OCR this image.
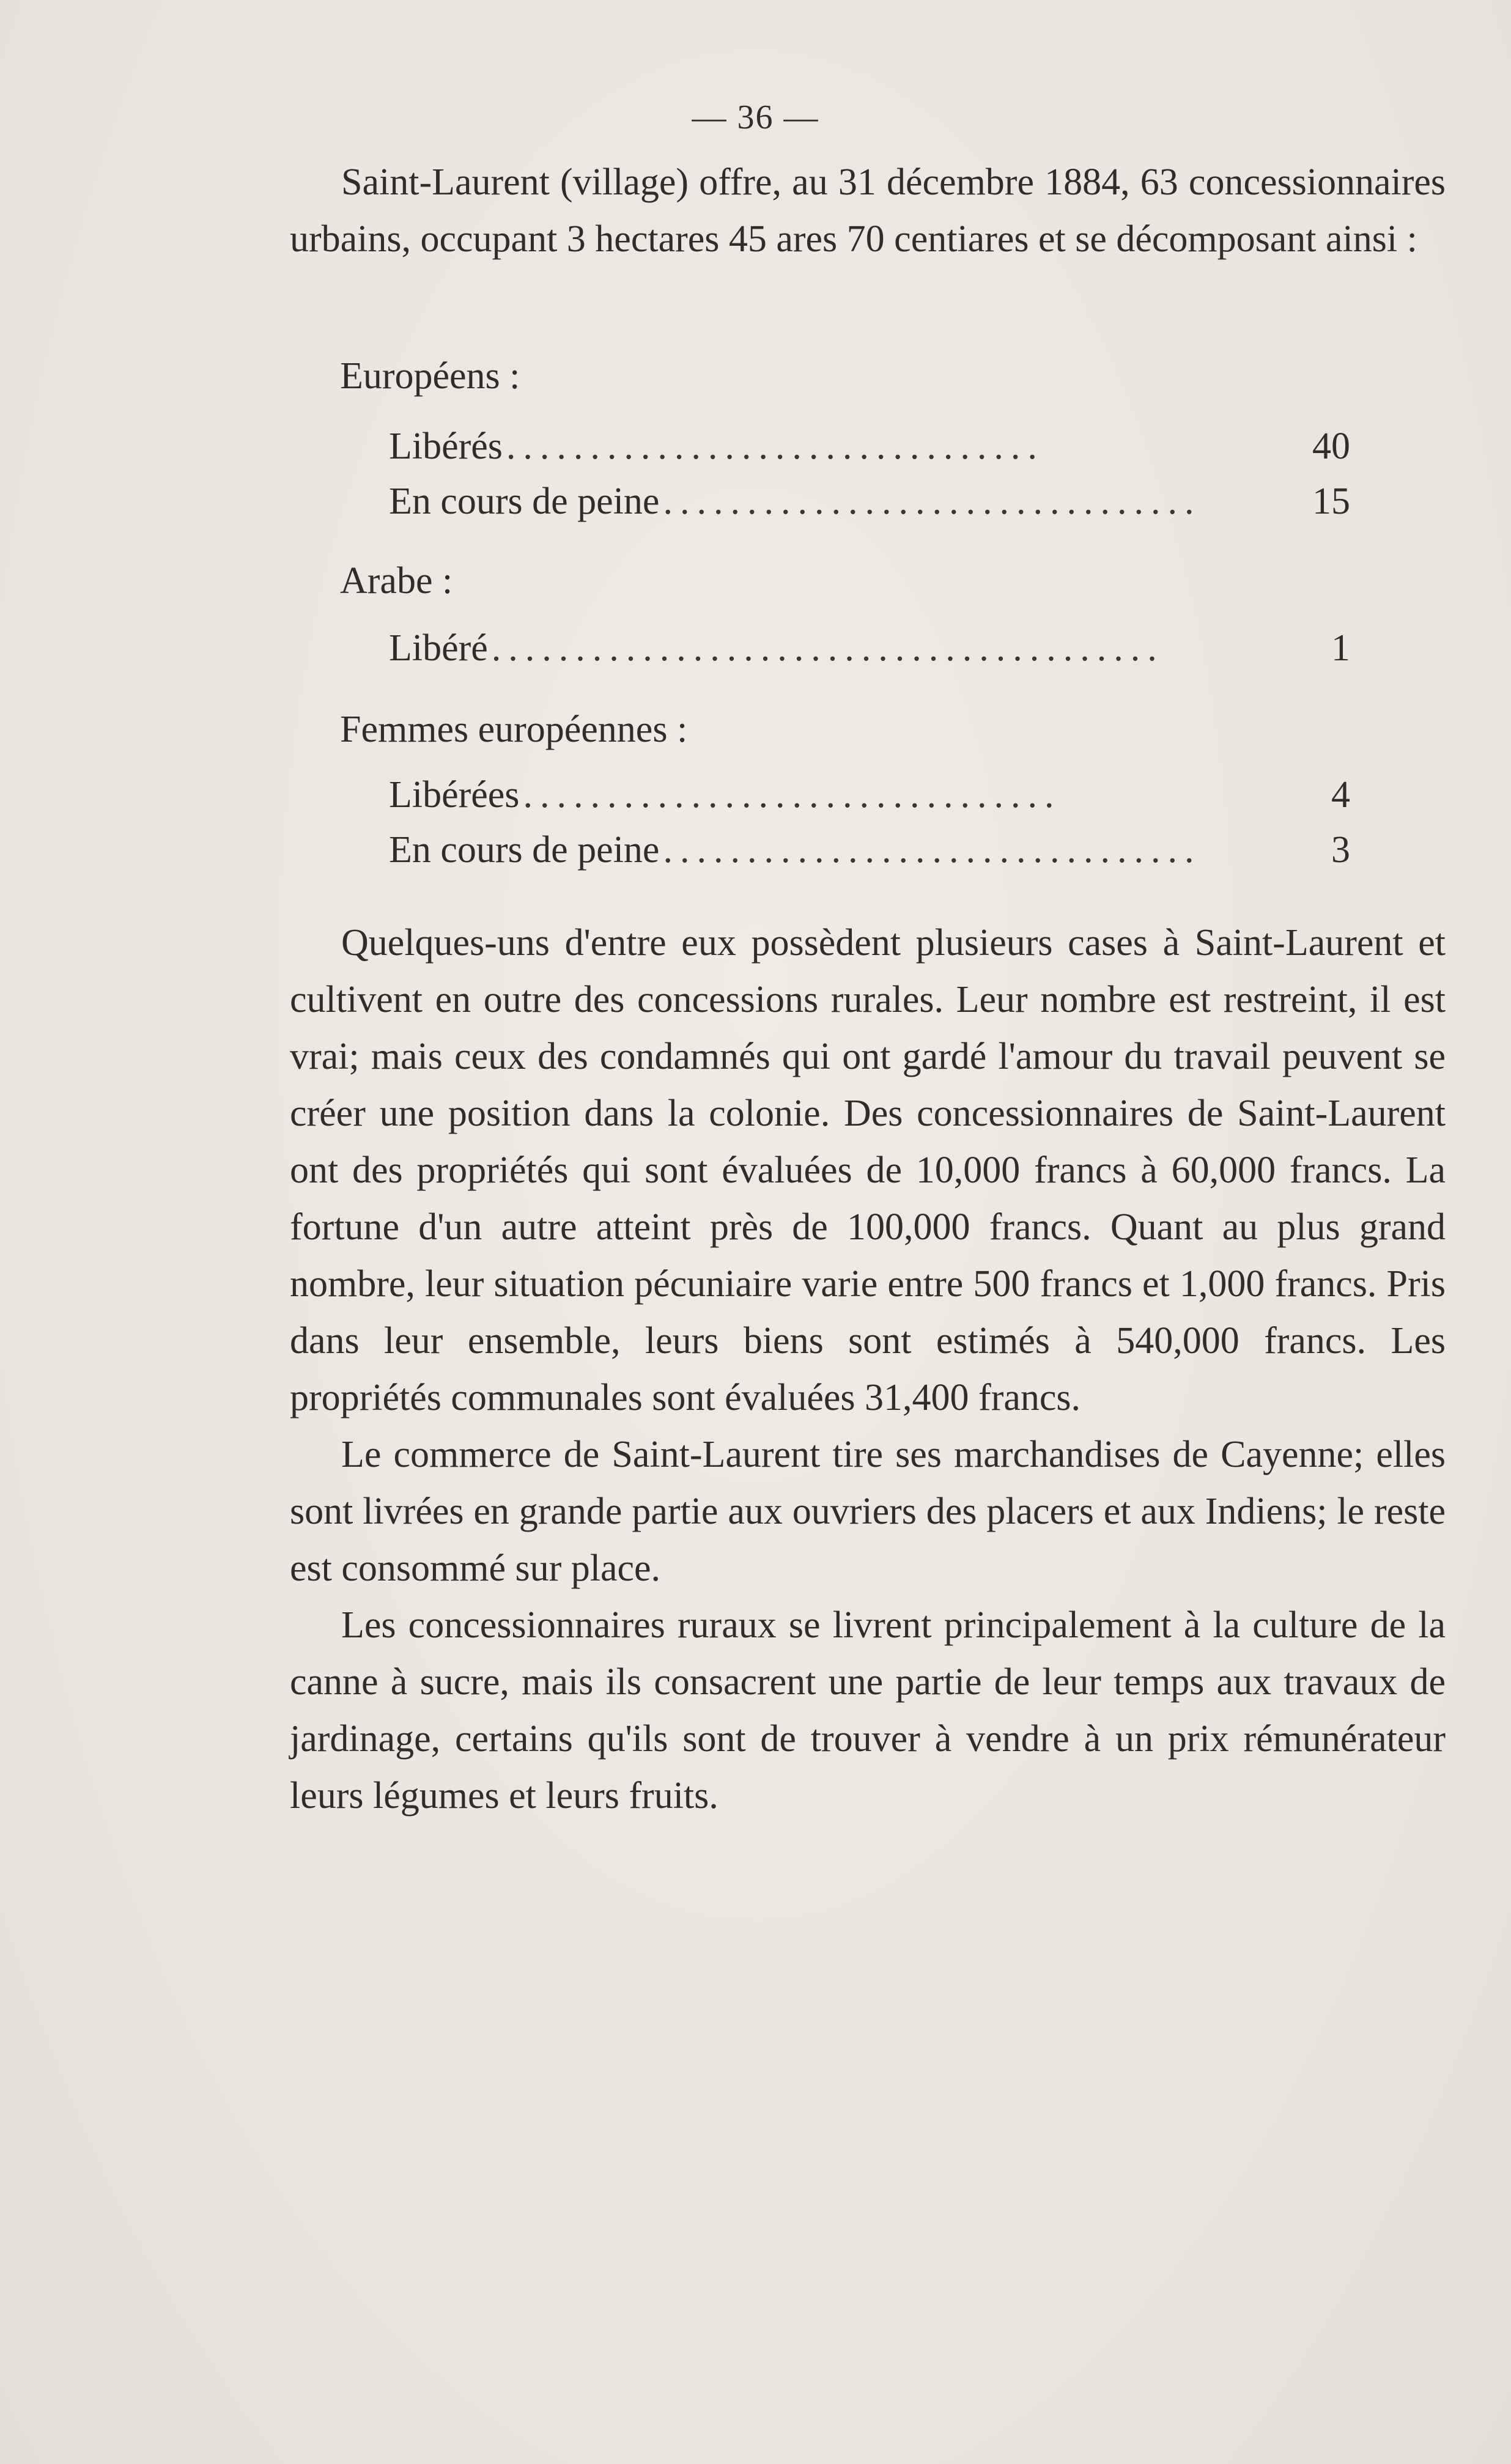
— 36 —

Saint-Laurent (village) offre, au 31 décembre 1884, 63 concessionnaires urbains, occupant 3 hectares 45 ares 70 centiares et se décomposant ainsi :

Européens :
Libérés ................................	40
En cours de peine ................................	15
Arabe :
Libéré ........................................	1
Femmes européennes :
Libérées ................................	4
En cours de peine ................................	3

Quelques-uns d'entre eux possèdent plusieurs cases à Saint-Laurent et cultivent en outre des concessions rurales. Leur nombre est restreint, il est vrai; mais ceux des condamnés qui ont gardé l'amour du travail peuvent se créer une position dans la colonie. Des concessionnaires de Saint-Laurent ont des propriétés qui sont évaluées de 10,000 francs à 60,000 francs. La fortune d'un autre atteint près de 100,000 francs. Quant au plus grand nombre, leur situation pécuniaire varie entre 500 francs et 1,000 francs. Pris dans leur ensemble, leurs biens sont estimés à 540,000 francs. Les propriétés communales sont évaluées 31,400 francs.

Le commerce de Saint-Laurent tire ses marchandises de Cayenne; elles sont livrées en grande partie aux ouvriers des placers et aux Indiens; le reste est consommé sur place.

Les concessionnaires ruraux se livrent principalement à la culture de la canne à sucre, mais ils consacrent une partie de leur temps aux travaux de jardinage, certains qu'ils sont de trouver à vendre à un prix rémunérateur leurs légumes et leurs fruits.
